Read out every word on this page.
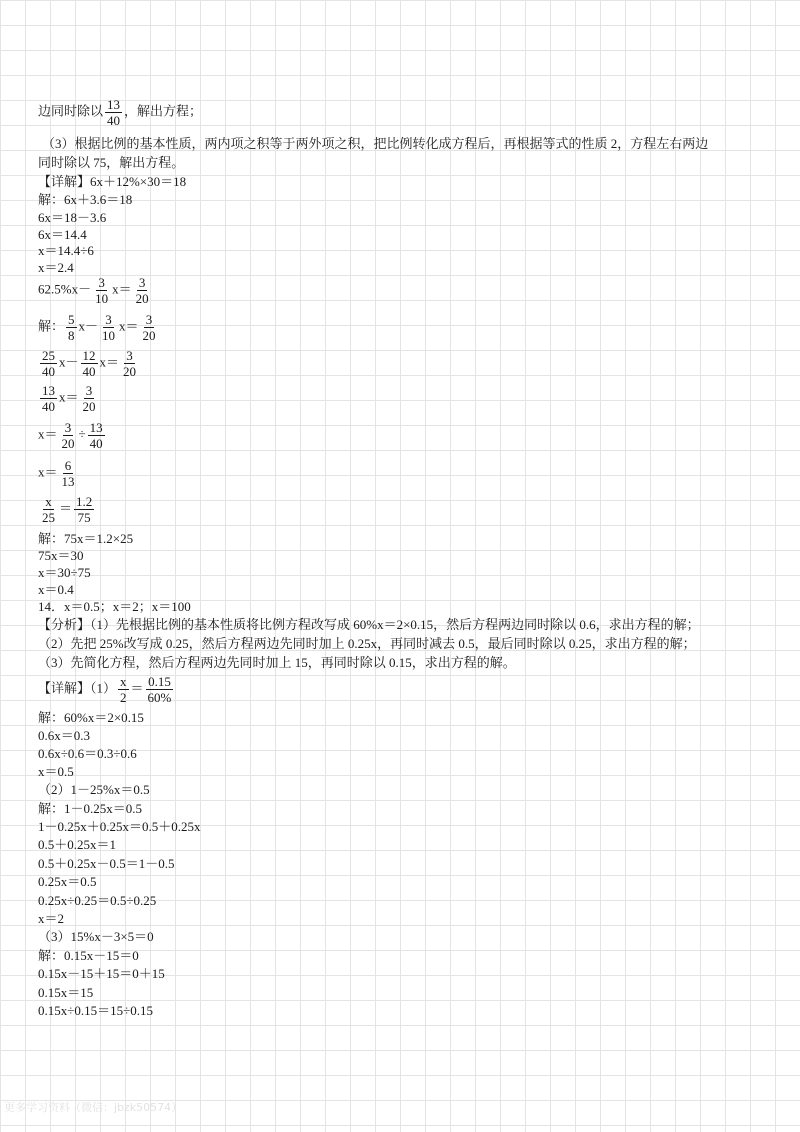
边同时除以 $\frac{13}{40}$ ，解出方程；
（3）根据比例的基本性质，两内项之积等于两外项之积，把比例转化成方程后，再根据等式的性质 2，方程左右两边
同时除以 75，解出方程。
【详解】6x＋12%×30＝18
解：6x＋3.6＝18
6x＝18－3.6
6x＝14.4
x＝14.4÷6
x＝2.4
$62.5\%x- \frac{3}{10} x= \frac{3}{20}$
解： $\frac{5}{8} x- \frac{3}{10} x= \frac{3}{20}$
$\frac{25}{40} x- \frac{12}{40} x= \frac{3}{20}$
$\frac{13}{40} x= \frac{3}{20}$
$x= \frac{3}{20} \div \frac{13}{40}$
$x= \frac{6}{13}$
$\frac{x}{25} = \frac{1.2}{75}$
解：75x＝1.2×25
75x＝30
x＝30÷75
x＝0.4
14．x＝0.5；x＝2；x＝100
【分析】（1）先根据比例的基本性质将比例方程改写成 60%x＝2×0.15，然后方程两边同时除以 0.6，求出方程的解；
（2）先把 25%改写成 0.25，然后方程两边先同时加上 0.25x，再同时减去 0.5，最后同时除以 0.25，求出方程的解；
（3）先简化方程，然后方程两边先同时加上 15，再同时除以 0.15，求出方程的解。
【详解】$(1) \frac{x}{2} = \frac{0.15}{60\%}$
解：60%x＝2×0.15
0.6x＝0.3
0.6x÷0.6＝0.3÷0.6
x＝0.5
（2）1－25%x＝0.5
解：1－0.25x＝0.5
1－0.25x＋0.25x＝0.5＋0.25x
0.5＋0.25x＝1
0.5＋0.25x－0.5＝1－0.5
0.25x＝0.5
0.25x÷0.25＝0.5÷0.25
x＝2
（3）15%x－3×5＝0
解：0.15x－15＝0
0.15x－15＋15＝0＋15
0.15x＝15
0.15x÷0.15＝15÷0.15
更多学习资料（微信：jbzk50574）
